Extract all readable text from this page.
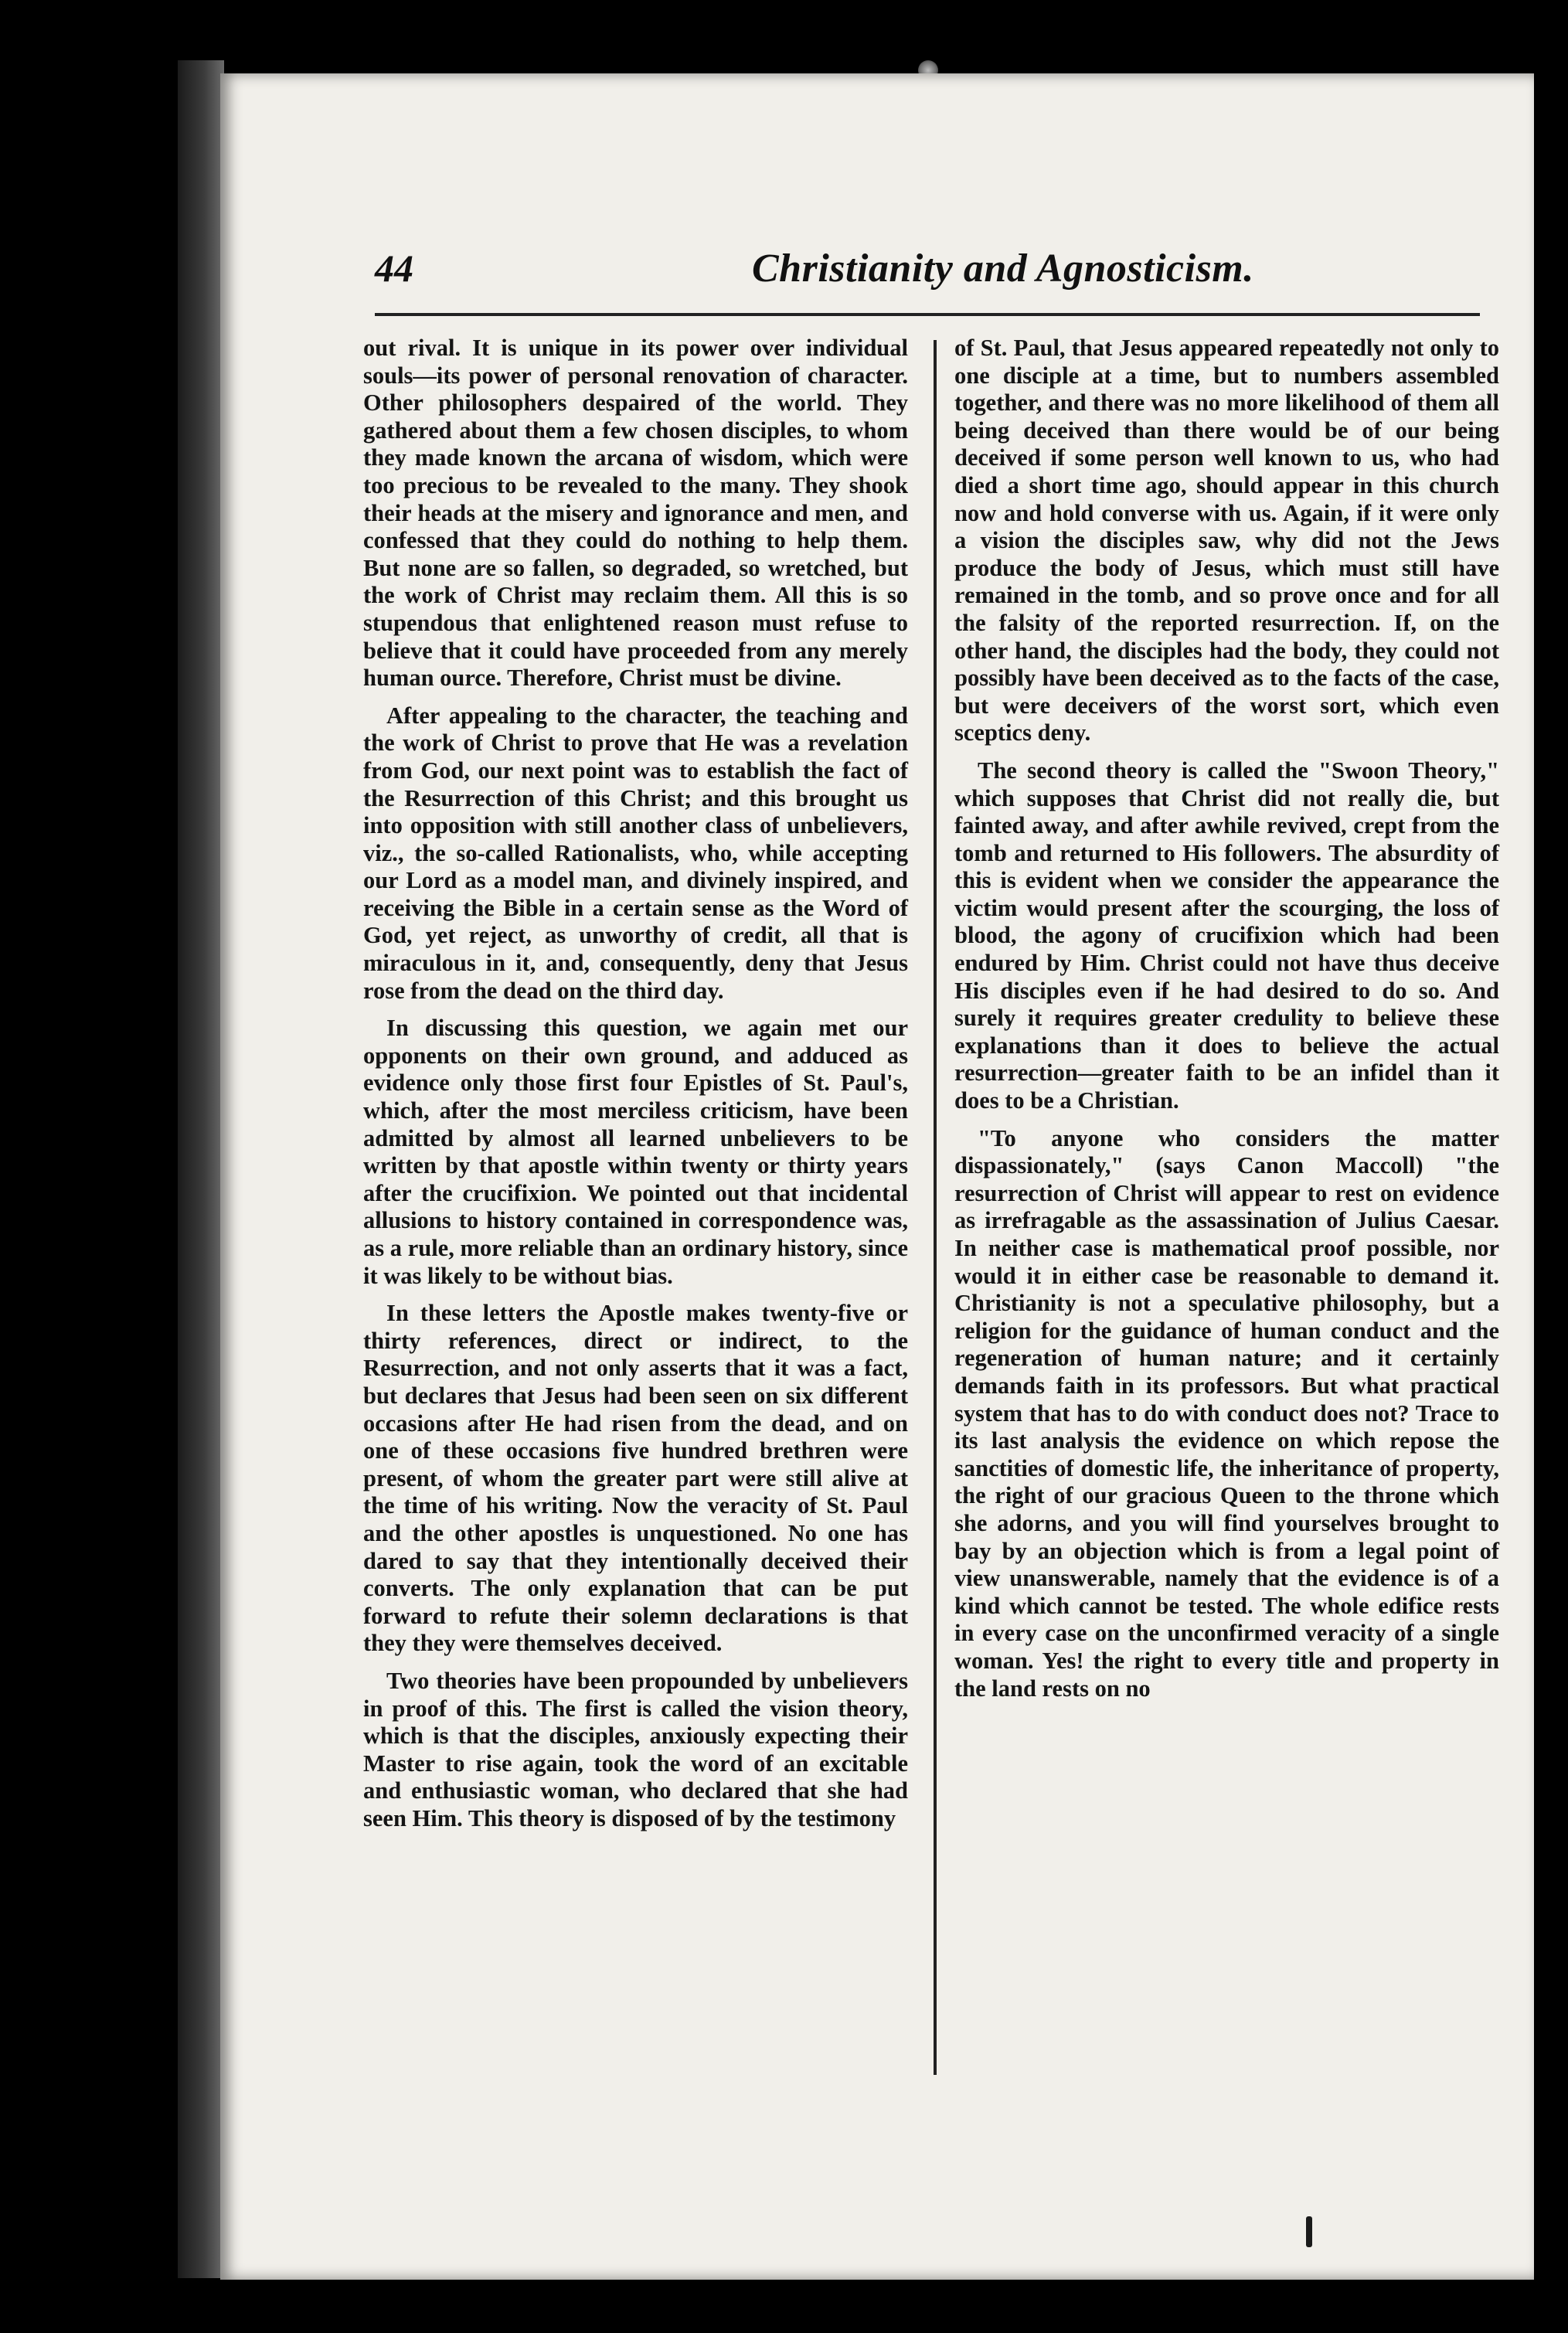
44	Christianity and Agnosticism.

out rival. It is unique in its power over individual souls—its power of personal renovation of character. Other philosophers despaired of the world. They gathered about them a few chosen disciples, to whom they made known the arcana of wisdom, which were too precious to be revealed to the many. They shook their heads at the misery and ignorance and men, and confessed that they could do nothing to help them. But none are so fallen, so degraded, so wretched, but the work of Christ may reclaim them. All this is so stupendous that enlightened reason must refuse to believe that it could have proceeded from any merely human ource. Therefore, Christ must be divine.

After appealing to the character, the teaching and the work of Christ to prove that He was a revelation from God, our next point was to establish the fact of the Resurrection of this Christ; and this brought us into opposition with still another class of unbelievers, viz., the so-called Rationalists, who, while accepting our Lord as a model man, and divinely inspired, and receiving the Bible in a certain sense as the Word of God, yet reject, as unworthy of credit, all that is miraculous in it, and, consequently, deny that Jesus rose from the dead on the third day.

In discussing this question, we again met our opponents on their own ground, and adduced as evidence only those first four Epistles of St. Paul's, which, after the most merciless criticism, have been admitted by almost all learned unbelievers to be written by that apostle within twenty or thirty years after the crucifixion. We pointed out that incidental allusions to history contained in correspondence was, as a rule, more reliable than an ordinary history, since it was likely to be without bias.

In these letters the Apostle makes twenty-five or thirty references, direct or indirect, to the Resurrection, and not only asserts that it was a fact, but declares that Jesus had been seen on six different occasions after He had risen from the dead, and on one of these occasions five hundred brethren were present, of whom the greater part were still alive at the time of his writing. Now the veracity of St. Paul and the other apostles is unquestioned. No one has dared to say that they intentionally deceived their converts. The only explanation that can be put forward to refute their solemn declarations is that they they were themselves deceived.

Two theories have been propounded by unbelievers in proof of this. The first is called the vision theory, which is that the disciples, anxiously expecting their Master to rise again, took the word of an excitable and enthusiastic woman, who declared that she had seen Him. This theory is disposed of by the testimony

of St. Paul, that Jesus appeared repeatedly not only to one disciple at a time, but to numbers assembled together, and there was no more likelihood of them all being deceived than there would be of our being deceived if some person well known to us, who had died a short time ago, should appear in this church now and hold converse with us. Again, if it were only a vision the disciples saw, why did not the Jews produce the body of Jesus, which must still have remained in the tomb, and so prove once and for all the falsity of the reported resurrection. If, on the other hand, the disciples had the body, they could not possibly have been deceived as to the facts of the case, but were deceivers of the worst sort, which even sceptics deny.

The second theory is called the "Swoon Theory," which supposes that Christ did not really die, but fainted away, and after awhile revived, crept from the tomb and returned to His followers. The absurdity of this is evident when we consider the appearance the victim would present after the scourging, the loss of blood, the agony of crucifixion which had been endured by Him. Christ could not have thus deceive His disciples even if he had desired to do so. And surely it requires greater credulity to believe these explanations than it does to believe the actual resurrection—greater faith to be an infidel than it does to be a Christian.

"To anyone who considers the matter dispassionately," (says Canon Maccoll) "the resurrection of Christ will appear to rest on evidence as irrefragable as the assassination of Julius Caesar. In neither case is mathematical proof possible, nor would it in either case be reasonable to demand it. Christianity is not a speculative philosophy, but a religion for the guidance of human conduct and the regeneration of human nature; and it certainly demands faith in its professors. But what practical system that has to do with conduct does not? Trace to its last analysis the evidence on which repose the sanctities of domestic life, the inheritance of property, the right of our gracious Queen to the throne which she adorns, and you will find yourselves brought to bay by an objection which is from a legal point of view unanswerable, namely that the evidence is of a kind which cannot be tested. The whole edifice rests in every case on the unconfirmed veracity of a single woman. Yes! the right to every title and property in the land rests on no
